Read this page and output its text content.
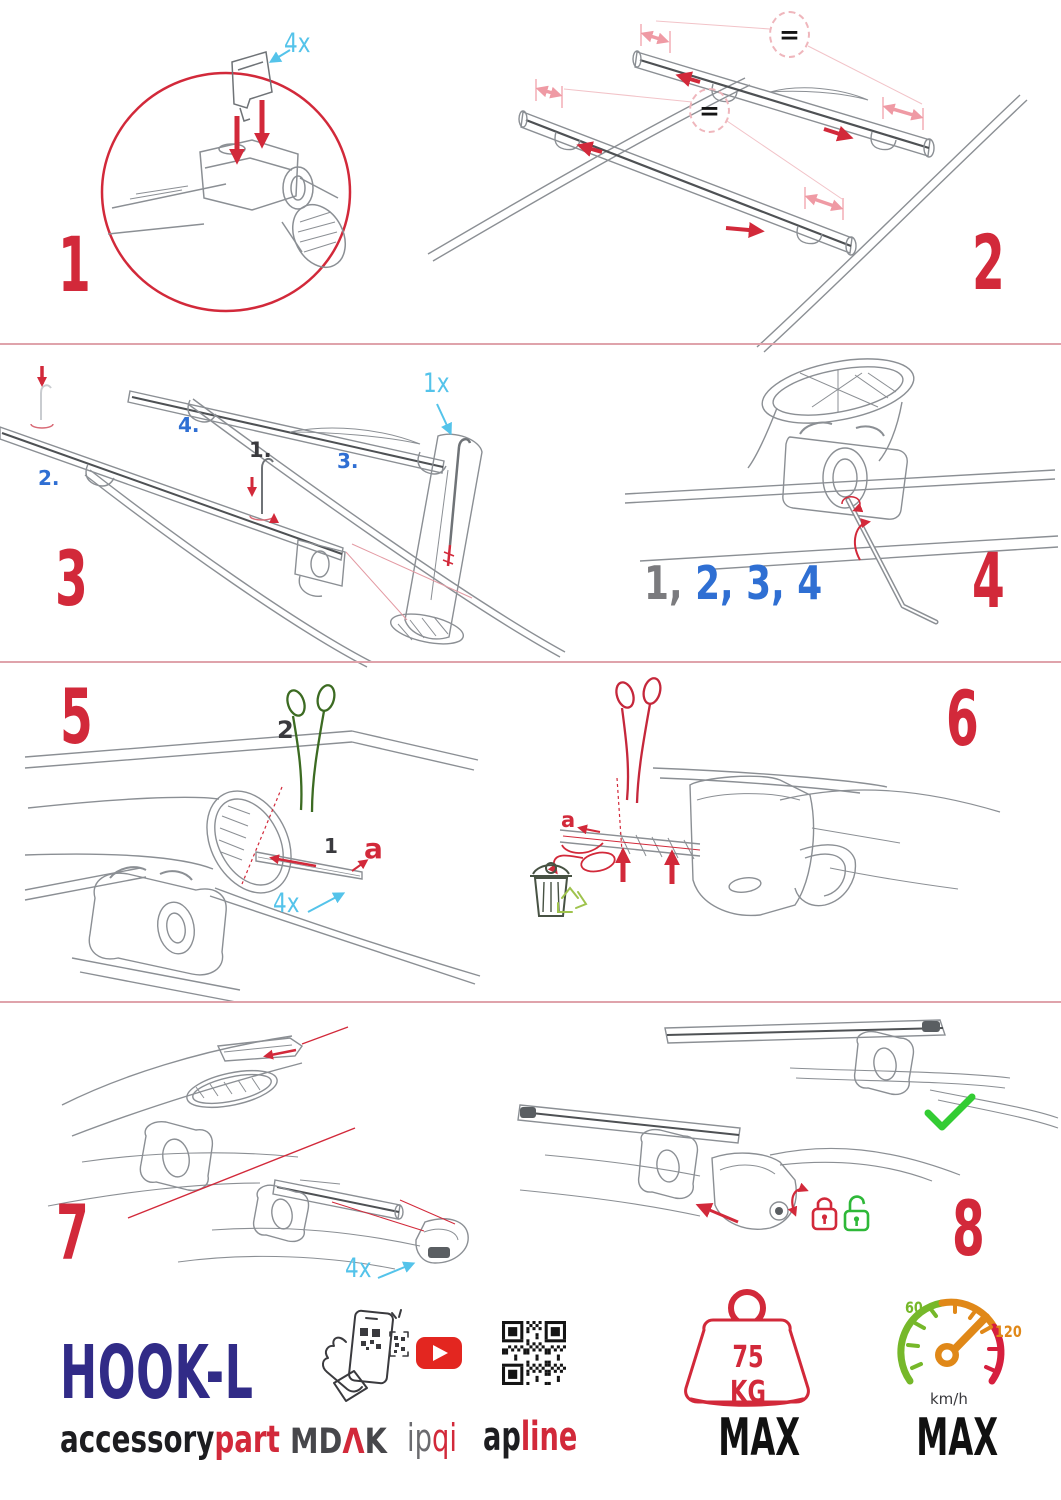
4x
1
=
=
2
1.
2.
3.
4.
1x
3	1, 2, 3, 4 4
5	2
1 a
4x
a
6
4x
7	8
HOOK-L
accessorypart MDΛK ipqi apline
75 KG
MAX
60
120
km/h
MAX
